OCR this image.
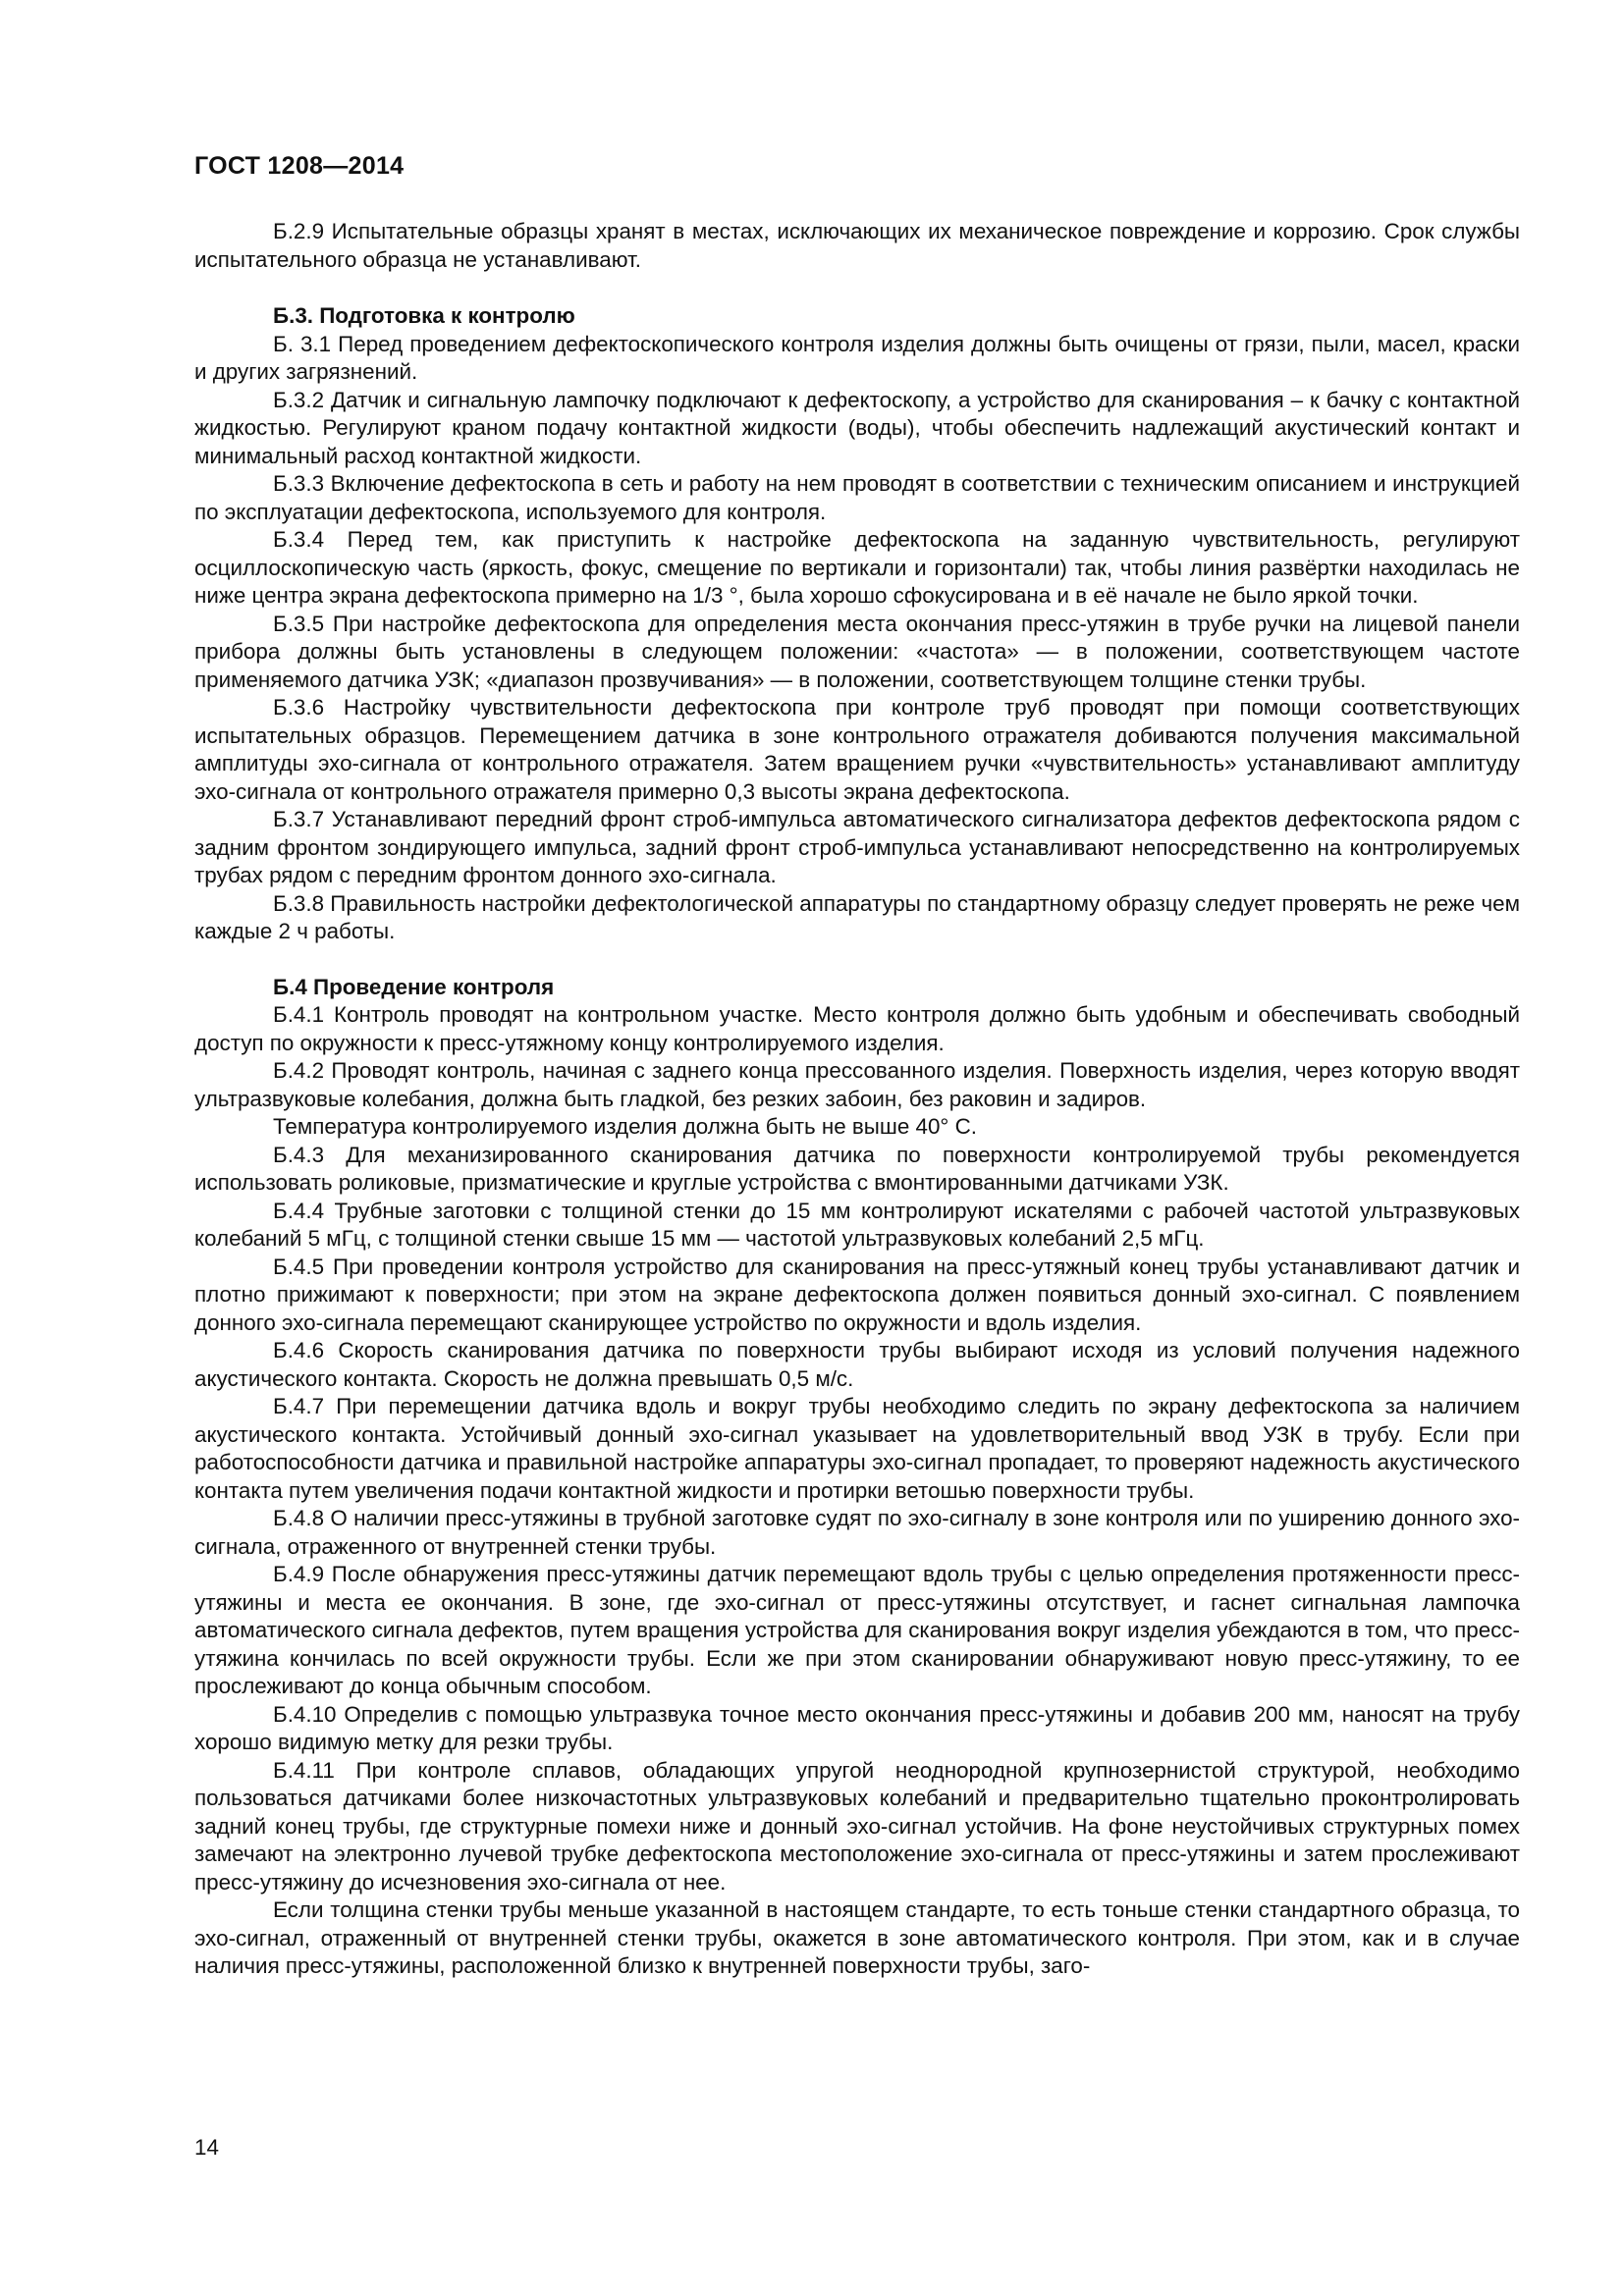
ГОСТ 1208—2014

Б.2.9 Испытательные образцы хранят в местах, исключающих их механическое повреждение и коррозию. Срок службы испытательного образца не устанавливают.

Б.3. Подготовка к контролю

Б. 3.1 Перед проведением дефектоскопического контроля изделия должны быть очищены от грязи, пыли, масел, краски и других загрязнений.

Б.3.2 Датчик и сигнальную лампочку подключают к дефектоскопу, а устройство для сканирования – к бачку с контактной жидкостью. Регулируют краном подачу контактной жидкости (воды), чтобы обеспечить надлежащий акустический контакт и минимальный расход контактной жидкости.

Б.3.3 Включение дефектоскопа в сеть и работу на нем проводят в соответствии с техническим описанием и инструкцией по эксплуатации дефектоскопа, используемого для контроля.

Б.3.4 Перед тем, как приступить к настройке дефектоскопа на заданную чувствительность, регулируют осциллоскопическую часть (яркость, фокус, смещение по вертикали и горизонтали) так, чтобы линия развёртки находилась не ниже центра экрана дефектоскопа примерно на 1/3 °, была хорошо сфокусирована и в её начале не было яркой точки.

Б.3.5 При настройке дефектоскопа для определения места окончания пресс-утяжин в трубе ручки на лицевой панели прибора должны быть установлены в следующем положении: «частота» — в положении, соответствующем частоте применяемого датчика УЗК; «диапазон прозвучивания» — в положении, соответствующем толщине стенки трубы.

Б.3.6 Настройку чувствительности дефектоскопа при контроле труб проводят при помощи соответствующих испытательных образцов. Перемещением датчика в зоне контрольного отражателя добиваются получения максимальной амплитуды эхо-сигнала от контрольного отражателя. Затем вращением ручки «чувствительность» устанавливают амплитуду эхо-сигнала от контрольного отражателя примерно 0,3 высоты экрана дефектоскопа.

Б.3.7 Устанавливают передний фронт строб-импульса автоматического сигнализатора дефектов дефектоскопа рядом с задним фронтом зондирующего импульса, задний фронт строб-импульса устанавливают непосредственно на контролируемых трубах рядом с передним фронтом донного эхо-сигнала.

Б.3.8 Правильность настройки дефектологической аппаратуры по стандартному образцу следует проверять не реже чем каждые 2 ч работы.

Б.4 Проведение контроля

Б.4.1 Контроль проводят на контрольном участке. Место контроля должно быть удобным и обеспечивать свободный доступ по окружности к пресс-утяжному концу контролируемого изделия.

Б.4.2 Проводят контроль, начиная с заднего конца прессованного изделия. Поверхность изделия, через которую вводят ультразвуковые колебания, должна быть гладкой, без резких забоин, без раковин и задиров.

Температура контролируемого изделия должна быть не выше 40° С.

Б.4.3 Для механизированного сканирования датчика по поверхности контролируемой трубы рекомендуется использовать роликовые, призматические и круглые устройства с вмонтированными датчиками УЗК.

Б.4.4 Трубные заготовки с толщиной стенки до 15 мм контролируют искателями с рабочей частотой ультразвуковых колебаний 5 мГц, с толщиной стенки свыше 15 мм — частотой ультразвуковых колебаний 2,5 мГц.

Б.4.5 При проведении контроля устройство для сканирования на пресс-утяжный конец трубы устанавливают датчик и плотно прижимают к поверхности; при этом на экране дефектоскопа должен появиться донный эхо-сигнал. С появлением донного эхо-сигнала перемещают сканирующее устройство по окружности и вдоль изделия.

Б.4.6 Скорость сканирования датчика по поверхности трубы выбирают исходя из условий получения надежного акустического контакта. Скорость не должна превышать 0,5 м/с.

Б.4.7 При перемещении датчика вдоль и вокруг трубы необходимо следить по экрану дефектоскопа за наличием акустического контакта. Устойчивый донный эхо-сигнал указывает на удовлетворительный ввод УЗК в трубу. Если при работоспособности датчика и правильной настройке аппаратуры эхо-сигнал пропадает, то проверяют надежность акустического контакта путем увеличения подачи контактной жидкости и протирки ветошью поверхности трубы.

Б.4.8 О наличии пресс-утяжины в трубной заготовке судят по эхо-сигналу в зоне контроля или по уширению донного эхо-сигнала, отраженного от внутренней стенки трубы.

Б.4.9 После обнаружения пресс-утяжины датчик перемещают вдоль трубы с целью определения протяженности пресс-утяжины и места ее окончания. В зоне, где эхо-сигнал от пресс-утяжины отсутствует, и гаснет сигнальная лампочка автоматического сигнала дефектов, путем вращения устройства для сканирования вокруг изделия убеждаются в том, что пресс-утяжина кончилась по всей окружности трубы. Если же при этом сканировании обнаруживают новую пресс-утяжину, то ее прослеживают до конца обычным способом.

Б.4.10 Определив с помощью ультразвука точное место окончания пресс-утяжины и добавив 200 мм, наносят на трубу хорошо видимую метку для резки трубы.

Б.4.11 При контроле сплавов, обладающих упругой неоднородной крупнозернистой структурой, необходимо пользоваться датчиками более низкочастотных ультразвуковых колебаний и предварительно тщательно проконтролировать задний конец трубы, где структурные помехи ниже и донный эхо-сигнал устойчив. На фоне неустойчивых структурных помех замечают на электронно лучевой трубке дефектоскопа местоположение эхо-сигнала от пресс-утяжины и затем прослеживают пресс-утяжину до исчезновения эхо-сигнала от нее.

Если толщина стенки трубы меньше указанной в настоящем стандарте, то есть тоньше стенки стандартного образца, то эхо-сигнал, отраженный от внутренней стенки трубы, окажется в зоне автоматического контроля. При этом, как и в случае наличия пресс-утяжины, расположенной близко к внутренней поверхности трубы, заго-

14
